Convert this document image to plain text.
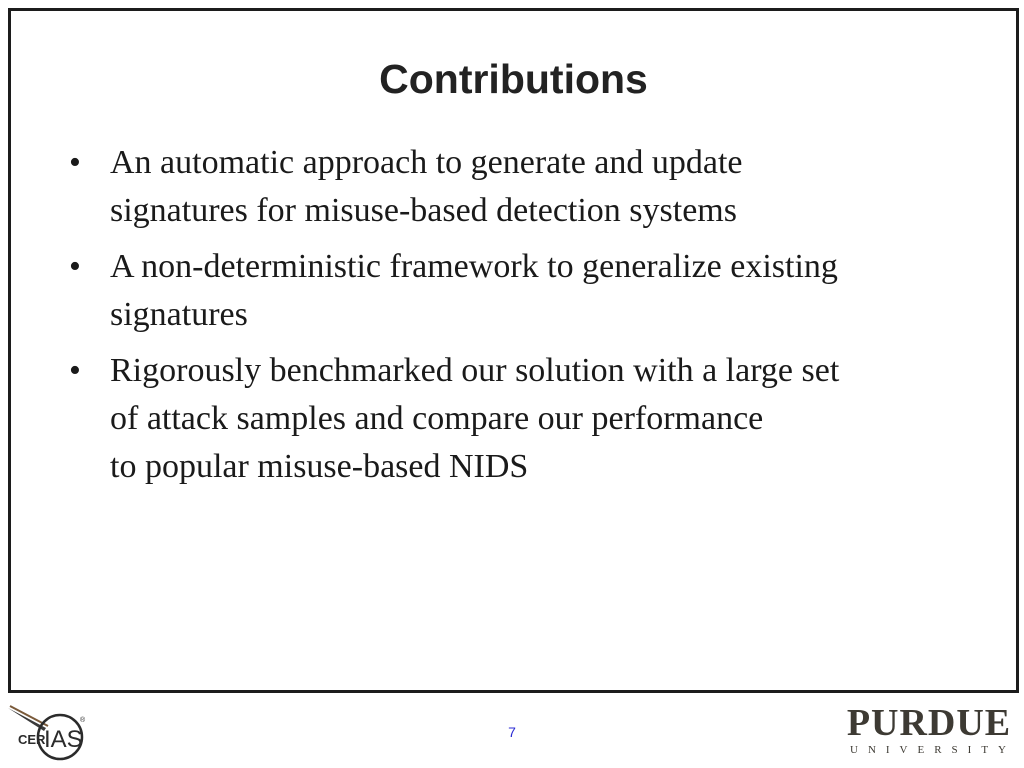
Contributions
• An automatic approach to generate and update
signatures for misuse-based detection systems
• A non-deterministic framework to generalize existing
signatures
• Rigorously benchmarked our solution with a large set
of attack samples and compare our performance
to popular misuse-based NIDS
CER
IAS
®
7	PURDUE
UNIVERSITY
